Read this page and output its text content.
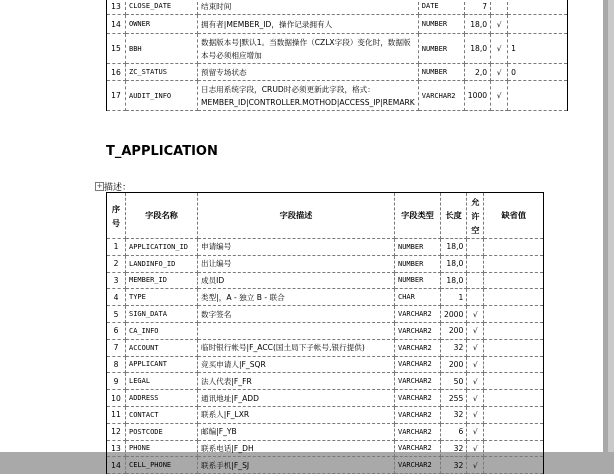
13	CLOSE_DATE	结束时间	DATE	7		
14	OWNER	拥有者|MEMBER_ID，操作记录拥有人	NUMBER	18,0	√	
15	BBH	数据版本号|默认1。当数据操作（CZLX字段）变化时，数据版本号必须相应增加	NUMBER	18,0	√	1
16	ZC_STATUS	预留专场状态	NUMBER	2,0	√	0
17	AUDIT_INFO	日志用系统字段，CRUD时必须更新此字段，格式：MEMBER_ID|CONTROLLER.MOTHOD|ACCESS_IP|REMARK	VARCHAR2	1000	√	
T_APPLICATION
+ 描述：
序号	字段名称	字段描述	字段类型	长度	允许空	缺省值
1	APPLICATION_ID	申请编号	NUMBER	18,0		
2	LANDINFO_ID	出让编号	NUMBER	18,0		
3	MEMBER_ID	成员ID	NUMBER	18,0		
4	TYPE	类型|，A - 独立 B - 联合	CHAR	1		
5	SIGN_DATA	数字签名	VARCHAR2	2000	√	
6	CA_INFO		VARCHAR2	200	√	
7	ACCOUNT	临时银行帐号|F_ACC(国土局下子帐号,银行提供)	VARCHAR2	32	√	
8	APPLICANT	竞买申请人|F_SQR	VARCHAR2	200	√	
9	LEGAL	法人代表|F_FR	VARCHAR2	50	√	
10	ADDRESS	通讯地址|F_ADD	VARCHAR2	255	√	
11	CONTACT	联系人|F_LXR	VARCHAR2	32	√	
12	POSTCODE	邮编|F_YB	VARCHAR2	6	√	
13	PHONE	联系电话|F_DH	VARCHAR2	32	√	
14	CELL_PHONE	联系手机|F_SJ	VARCHAR2	32	√	
